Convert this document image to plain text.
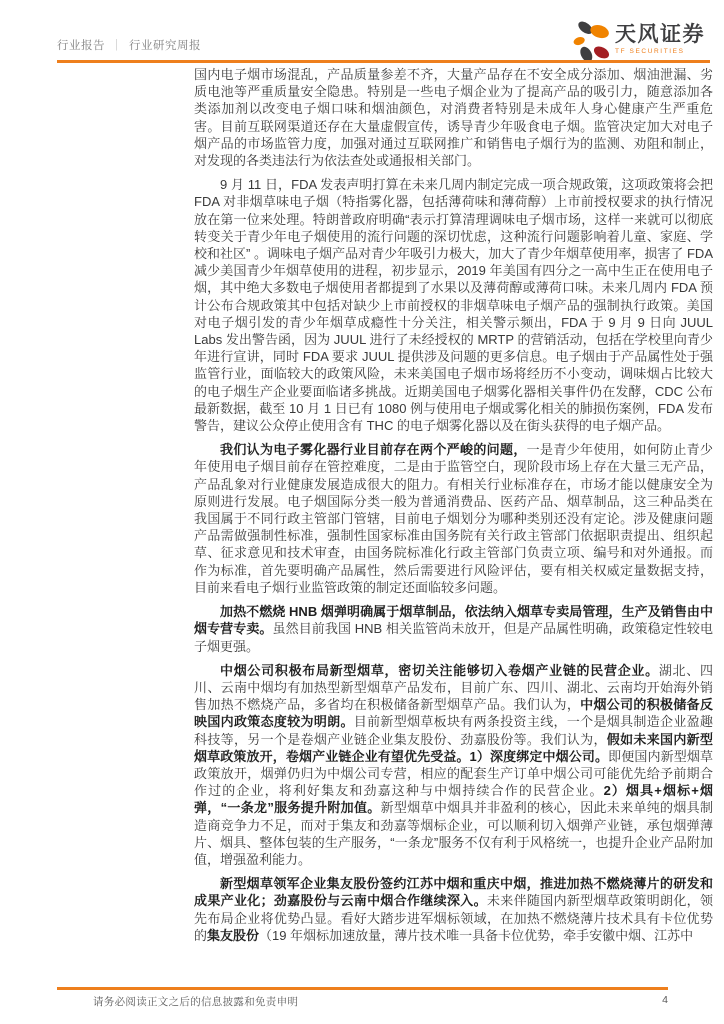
行业报告 ｜ 行业研究周报	天风证券
TF SECURITIES

国内电子烟市场混乱，产品质量参差不齐，大量产品存在不安全成分添加、烟油泄漏、劣质电池等严重质量安全隐患。特别是一些电子烟企业为了提高产品的吸引力，随意添加各类添加剂以改变电子烟口味和烟油颜色，对消费者特别是未成年人身心健康产生严重危害。目前互联网渠道还存在大量虚假宣传，诱导青少年吸食电子烟。监管决定加大对电子烟产品的市场监管力度，加强对通过互联网推广和销售电子烟行为的监测、劝阻和制止，对发现的各类违法行为依法查处或通报相关部门。

9 月 11 日，FDA 发表声明打算在未来几周内制定完成一项合规政策，这项政策将会把 FDA 对非烟草味电子烟（特指雾化器，包括薄荷味和薄荷醇）上市前授权要求的执行情况放在第一位来处理。特朗普政府明确“表示打算清理调味电子烟市场，这样一来就可以彻底转变关于青少年电子烟使用的流行问题的深切忧虑，这种流行问题影响着儿童、家庭、学校和社区” 。调味电子烟产品对青少年吸引力极大，加大了青少年烟草使用率，损害了 FDA 减少美国青少年烟草使用的进程，初步显示，2019 年美国有四分之一高中生正在使用电子烟，其中绝大多数电子烟使用者都提到了水果以及薄荷醇或薄荷口味。未来几周内 FDA 预计公布合规政策其中包括对缺少上市前授权的非烟草味电子烟产品的强制执行政策。美国对电子烟引发的青少年烟草成瘾性十分关注，相关警示频出，FDA 于 9 月 9 日向 JUUL Labs 发出警告函，因为 JUUL 进行了未经授权的 MRTP 的营销活动，包括在学校里向青少年进行宣讲，同时 FDA 要求 JUUL 提供涉及问题的更多信息。电子烟由于产品属性处于强监管行业，面临较大的政策风险，未来美国电子烟市场将经历不小变动，调味烟占比较大的电子烟生产企业要面临诸多挑战。近期美国电子烟雾化器相关事件仍在发酵，CDC 公布最新数据，截至 10 月 1 日已有 1080 例与使用电子烟或雾化相关的肺损伤案例，FDA 发布警告，建议公众停止使用含有 THC 的电子烟雾化器以及在街头获得的电子烟产品。

我们认为电子雾化器行业目前存在两个严峻的问题，一是青少年使用，如何防止青少年使用电子烟目前存在管控难度，二是由于监管空白，现阶段市场上存在大量三无产品，产品乱象对行业健康发展造成很大的阻力。有相关行业标准存在，市场才能以健康安全为原则进行发展。电子烟国际分类一般为普通消费品、医药产品、烟草制品，这三种品类在我国属于不同行政主管部门管辖，目前电子烟划分为哪种类别还没有定论。涉及健康问题产品需做强制性标准，强制性国家标准由国务院有关行政主管部门依据职责提出、组织起草、征求意见和技术审查，由国务院标准化行政主管部门负责立项、编号和对外通报。而作为标准，首先要明确产品属性，然后需要进行风险评估，要有相关权威定量数据支持，目前来看电子烟行业监管政策的制定还面临较多问题。

加热不燃烧 HNB 烟弹明确属于烟草制品，依法纳入烟草专卖局管理，生产及销售由中烟专营专卖。虽然目前我国 HNB 相关监管尚未放开，但是产品属性明确，政策稳定性较电子烟更强。

中烟公司积极布局新型烟草，密切关注能够切入卷烟产业链的民营企业。湖北、四川、云南中烟均有加热型新型烟草产品发布，目前广东、四川、湖北、云南均开始海外销售加热不燃烧产品，多省均在积极储备新型烟草产品。我们认为，中烟公司的积极储备反映国内政策态度较为明朗。目前新型烟草板块有两条投资主线，一个是烟具制造企业盈趣科技等，另一个是卷烟产业链企业集友股份、劲嘉股份等。我们认为，假如未来国内新型烟草政策放开，卷烟产业链企业有望优先受益。1）深度绑定中烟公司。即便国内新型烟草政策放开，烟弹仍归为中烟公司专营，相应的配套生产订单中烟公司可能优先给予前期合作过的企业，将利好集友和劲嘉这种与中烟持续合作的民营企业。2）烟具+烟标+烟弹，“一条龙”服务提升附加值。新型烟草中烟具并非盈利的核心，因此未来单纯的烟具制造商竞争力不足，而对于集友和劲嘉等烟标企业，可以顺利切入烟弹产业链，承包烟弹薄片、烟具、整体包装的生产服务，“一条龙”服务不仅有利于风格统一，也提升企业产品附加值，增强盈利能力。

新型烟草领军企业集友股份签约江苏中烟和重庆中烟，推进加热不燃烧薄片的研发和成果产业化；劲嘉股份与云南中烟合作继续深入。未来伴随国内新型烟草政策明朗化，领先布局企业将优势凸显。看好大踏步进军烟标领域，在加热不燃烧薄片技术具有卡位优势的集友股份（19 年烟标加速放量，薄片技术唯一具备卡位优势，牵手安徽中烟、江苏中

请务必阅读正文之后的信息披露和免责申明	4
